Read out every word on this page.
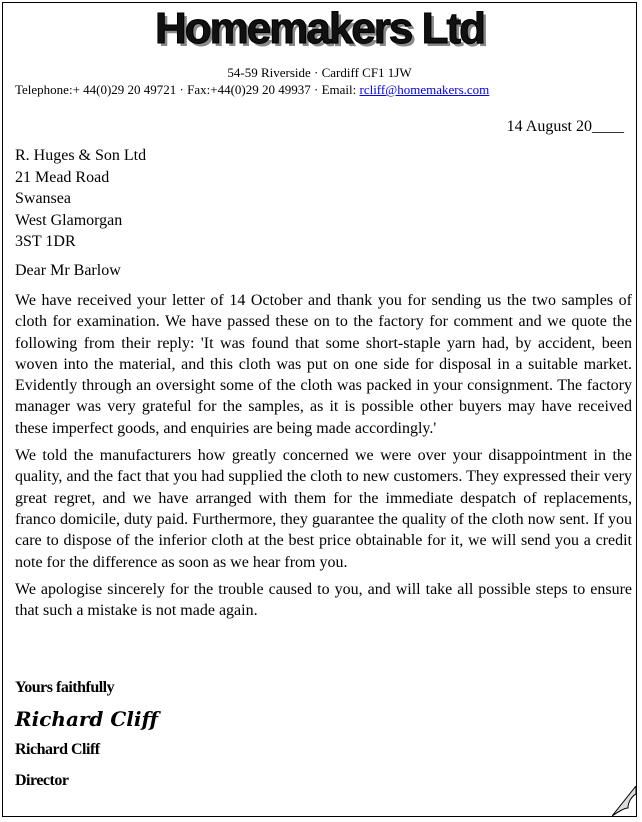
Homemakers Ltd
54-59 Riverside · Cardiff CF1 1JW
Telephone:+ 44(0)29 20 49721 · Fax:+44(0)29 20 49937 · Email: rcliff@homemakers.com
14 August 20____
R. Huges & Son Ltd
21 Mead Road
Swansea
West Glamorgan
3ST 1DR
Dear Mr Barlow

We have received your letter of 14 October and thank you for sending us the two samples of cloth for examination. We have passed these on to the factory for comment and we quote the following from their reply: 'It was found that some short-staple yarn had, by accident, been woven into the material, and this cloth was put on one side for disposal in a suitable market. Evidently through an oversight some of the cloth was packed in your consignment. The factory manager was very grateful for the samples, as it is possible other buyers may have received these imperfect goods, and enquiries are being made accordingly.'

We told the manufacturers how greatly concerned we were over your disappointment in the quality, and the fact that you had supplied the cloth to new customers. They expressed their very great regret, and we have arranged with them for the immediate despatch of replacements, franco domicile, duty paid. Furthermore, they guarantee the quality of the cloth now sent. If you care to dispose of the inferior cloth at the best price obtainable for it, we will send you a credit note for the difference as soon as we hear from you.

We apologise sincerely for the trouble caused to you, and will take all possible steps to ensure that such a mistake is not made again.

Yours faithfully
Richard Cliff
Richard Cliff
Director
